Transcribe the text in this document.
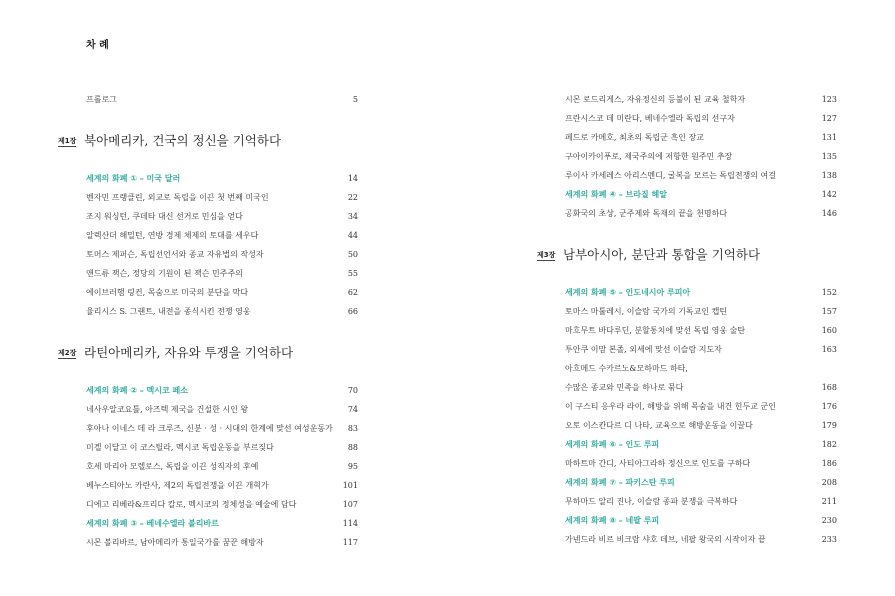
차 례
프롤로그	5
제1장 북아메리카, 건국의 정신을 기억하다
세계의 화폐 ① – 미국 달러	14
벤자민 프랭클린, 외교로 독립을 이끈 첫 번째 미국인	22
조지 워싱턴, 쿠데타 대신 선거로 민심을 얻다	34
알렉산더 해밀턴, 연방 경제 체제의 토대를 세우다	44
토머스 제퍼슨, 독립선언서와 종교 자유법의 작성자	50
앤드류 잭슨, 정당의 기원이 된 잭슨 민주주의	55
에이브러햄 링컨, 목숨으로 미국의 분단을 막다	62
율리시스 S. 그랜트, 내전을 종식시킨 전쟁 영웅	66
제2장 라틴아메리카, 자유와 투쟁을 기억하다
세계의 화폐 ② – 멕시코 페소	70
네사우알코요틀, 아즈텍 제국을 건설한 시인 왕	74
후아나 이네스 데 라 크루즈, 신분 · 성 · 시대의 한계에 맞선 여성운동가 83
미겔 이달고 이 코스틸라, 멕시코 독립운동을 부르짖다	88
호세 마리아 모렐로스, 독립을 이끈 성직자의 후예	95
베누스티아노 카란사, 제2의 독립전쟁을 이끈 개혁가	101
디에고 리베라&프리다 칼로, 멕시코의 정체성을 예술에 담다	107
세계의 화폐 ③ – 베네수엘라 볼리바르	114
시몬 볼리바르, 남아메리카 통일국가를 꿈꾼 해방자	117
시몬 로드리게스, 자유정신의 등불이 된 교육 철학자	123
프란시스코 데 미란다, 베네수엘라 독립의 선구자	127
페드로 카메호, 최초의 독립군 흑인 장교	131
구아이카이푸로, 제국주의에 저항한 원주민 추장	135
루이사 카세레스 아리스멘디, 굴복을 모르는 독립전쟁의 여걸	138
세계의 화폐 ④ – 브라질 헤알	142
공화국의 초상, 군주제와 독재의 끝을 천명하다	146
제3장 남부아시아, 분단과 통합을 기억하다
세계의 화폐 ⑤ – 인도네시아 루피아	152
토마스 마툴레시, 이슬람 국가의 기독교인 캡틴	157
마흐무트 바다루딘, 분할통치에 맞선 독립 영웅 술탄	160
투안쿠 이맘 본졸, 외세에 맞선 이슬람 지도자	163
아흐메드 수카르노&모하마드 하타,
수많은 종교와 민족을 하나로 묶다	168
이 구스티 응우라 라이, 해방을 위해 목숨을 내건 힌두교 군인	176
오토 이스칸다르 디 나타, 교육으로 해방운동을 이끌다	179
세계의 화폐 ⑥ – 인도 루피	182
마하트마 간디, 사티아그라하 정신으로 인도를 구하다	186
세계의 화폐 ⑦ – 파키스탄 루피	208
무하마드 알리 진나, 이슬람 종파 분쟁을 극복하다	211
세계의 화폐 ⑧ – 네팔 루피	230
가넨드라 비르 비크람 샤호 데브, 네팔 왕국의 시작이자 끝	233
